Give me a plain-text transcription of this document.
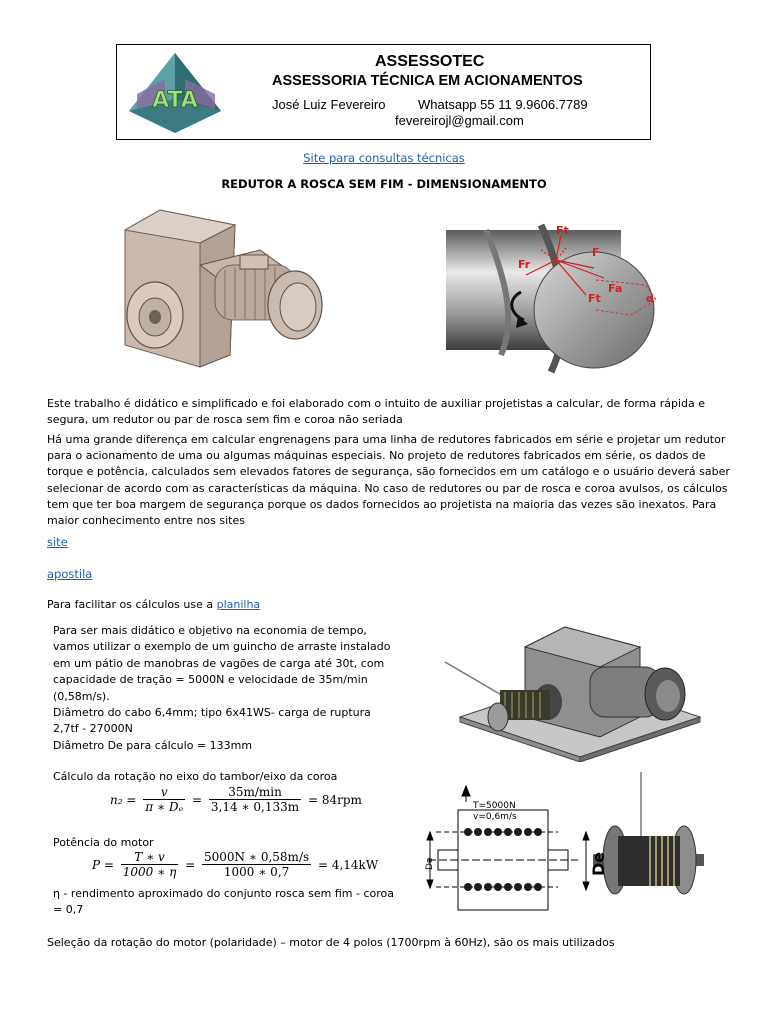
ATA
ASSESSOTEC
ASSESSORIA TÉCNICA EM ACIONAMENTOS
José Luiz Fevereiro	Whatsapp 55 11 9.9606.7789
fevereirojl@gmail.com
Site para consultas técnicas
REDUTOR A ROSCA SEM FIM - DIMENSIONAMENTO
Ft
Fr
F
Fa
Ft	α
Este trabalho é didático e simplificado e foi elaborado com o intuito de auxiliar projetistas a calcular, de forma rápida e segura, um redutor ou par de rosca sem fim e coroa não seriada
Há uma grande diferença em calcular engrenagens para uma linha de redutores fabricados em série e projetar um redutor para o acionamento de uma ou algumas máquinas especiais. No projeto de redutores fabricados em série, os dados de torque e potência, calculados sem elevados fatores de segurança, são fornecidos em um catálogo e o usuário deverá saber selecionar de acordo com as características da máquina. No caso de redutores ou par de rosca e coroa avulsos, os cálculos tem que ter boa margem de segurança porque os dados fornecidos ao projetista na maioria das vezes são inexatos. Para maior conhecimento entre nos sites
site
apostila
Para facilitar os cálculos use a planilha
Para ser mais didático e objetivo na economia de tempo, vamos utilizar o exemplo de um guincho de arraste instalado em um pátio de manobras de vagões de carga até 30t, com capacidade de tração = 5000N e velocidade de 35m/min (0,58m/s).
Diâmetro do cabo 6,4mm; tipo 6x41WS- carga de ruptura 2,7tf - 27000N
Diâmetro De para cálculo = 133mm
Cálculo da rotação no eixo do tambor/eixo da coroa
$n_2 = \frac{v}{\text{π ∗ Dₑ}} = \frac{35m/\min}{3,14 ∗ 0,133m} = 84rpm$
Potência do motor
$P = \frac{T ∗ v}{1000 ∗ \eta} = \frac{5000N ∗ 0,58m/s}{1000 ∗ 0,7} = 4,14kW$
η - rendimento aproximado do conjunto rosca sem fim - coroa = 0,7
T=5000N
v=0,6m/s
De	De
Seleção da rotação do motor (polaridade) – motor de 4 polos (1700rpm à 60Hz), são os mais utilizados
